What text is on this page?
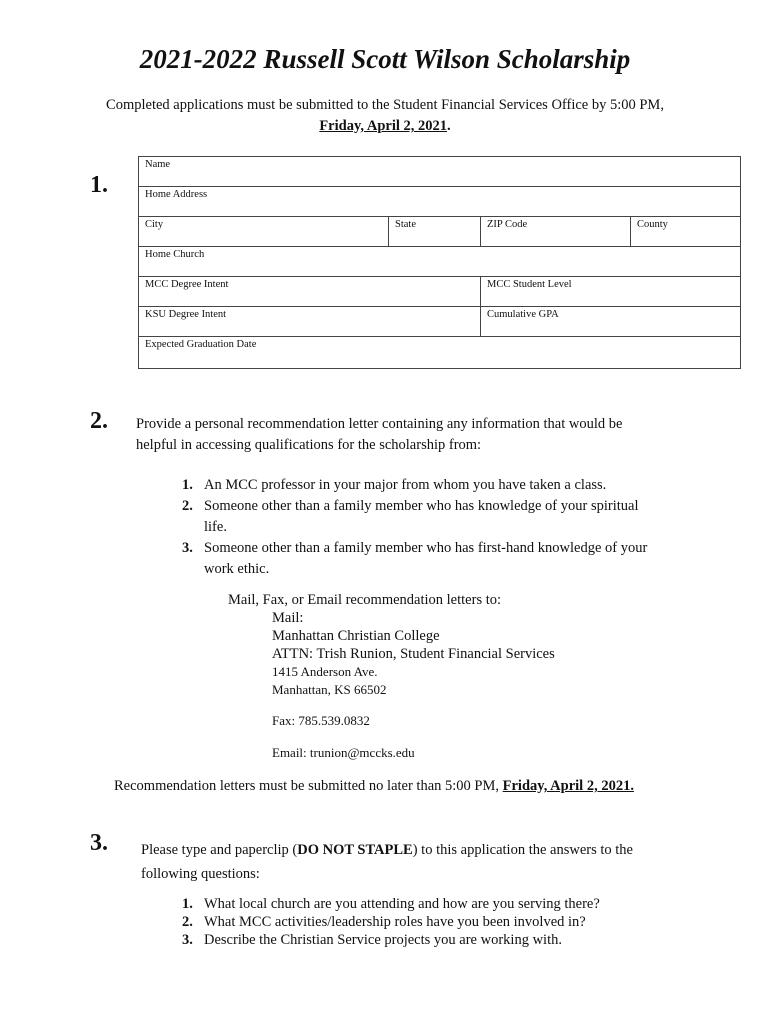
2021-2022 Russell Scott Wilson Scholarship
Completed applications must be submitted to the Student Financial Services Office by 5:00 PM,
Friday, April 2, 2021.
1.
Name			
Home Address			
City	State	ZIP Code	County
Home Church			
MCC Degree Intent		MCC Student Level	
KSU Degree Intent		Cumulative GPA	
Expected Graduation Date			
2. Provide a personal recommendation letter containing any information that would be
helpful in accessing qualifications for the scholarship from:
1. An MCC professor in your major from whom you have taken a class.
2. Someone other than a family member who has knowledge of your spiritual
life.
3. Someone other than a family member who has first-hand knowledge of your
work ethic.
Mail, Fax, or Email recommendation letters to:
Mail:
Manhattan Christian College
ATTN: Trish Runion, Student Financial Services
1415 Anderson Ave.
Manhattan, KS 66502
Fax: 785.539.0832
Email: trunion@mccks.edu
Recommendation letters must be submitted no later than 5:00 PM, Friday, April 2, 2021.
3. Please type and paperclip (DO NOT STAPLE) to this application the answers to the
following questions:
1. What local church are you attending and how are you serving there?
2. What MCC activities/leadership roles have you been involved in?
3. Describe the Christian Service projects you are working with.
